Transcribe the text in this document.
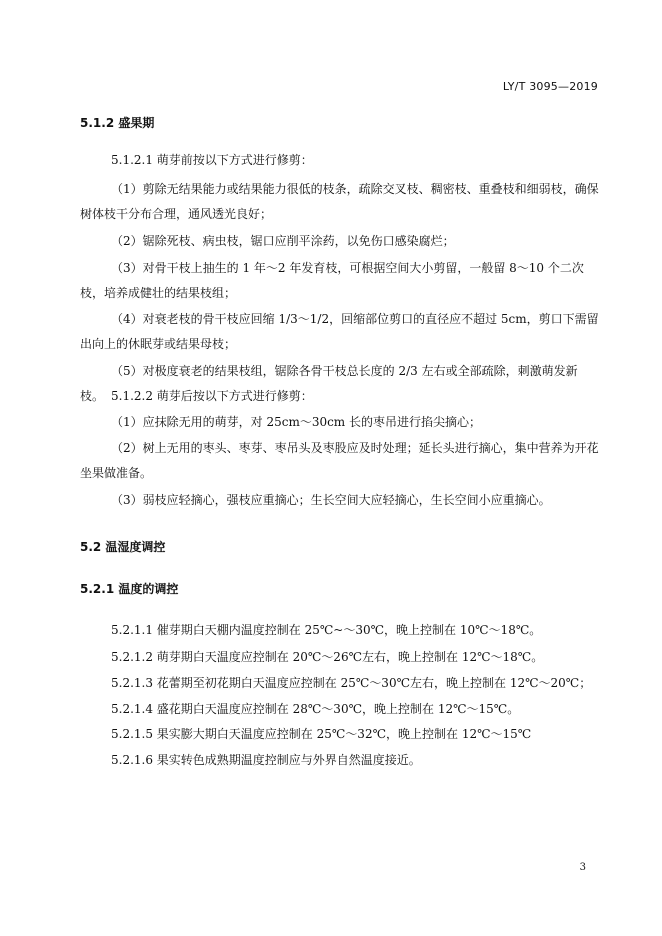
LY/T 3095—2019
5.1.2 盛果期
5.1.2.1 萌芽前按以下方式进行修剪：
（1）剪除无结果能力或结果能力很低的枝条，疏除交叉枝、稠密枝、重叠枝和细弱枝，确保树体枝干分布合理，通风透光良好；
（2）锯除死枝、病虫枝，锯口应削平涂药，以免伤口感染腐烂；
（3）对骨干枝上抽生的 1 年～2 年发育枝，可根据空间大小剪留，一般留 8～10 个二次枝，培养成健壮的结果枝组；
（4）对衰老枝的骨干枝应回缩 1/3～1/2，回缩部位剪口的直径应不超过 5cm，剪口下需留出向上的休眠芽或结果母枝；
（5）对极度衰老的结果枝组，锯除各骨干枝总长度的 2/3 左右或全部疏除，刺激萌发新枝。 5.1.2.2 萌芽后按以下方式进行修剪：
（1）应抹除无用的萌芽，对 25cm～30cm 长的枣吊进行掐尖摘心；
（2）树上无用的枣头、枣芽、枣吊头及枣股应及时处理；延长头进行摘心，集中营养为开花坐果做准备。
（3）弱枝应轻摘心，强枝应重摘心；生长空间大应轻摘心，生长空间小应重摘心。
5.2 温湿度调控
5.2.1 温度的调控
5.2.1.1 催芽期白天棚内温度控制在 25℃~～30℃，晚上控制在 10℃～18℃。
5.2.1.2 萌芽期白天温度应控制在 20℃～26℃左右，晚上控制在 12℃～18℃。
5.2.1.3 花蕾期至初花期白天温度应控制在 25℃～30℃左右，晚上控制在 12℃～20℃；
5.2.1.4 盛花期白天温度应控制在 28℃～30℃，晚上控制在 12℃～15℃。
5.2.1.5 果实膨大期白天温度应控制在 25℃～32℃，晚上控制在 12℃～15℃
5.2.1.6 果实转色成熟期温度控制应与外界自然温度接近。
3
